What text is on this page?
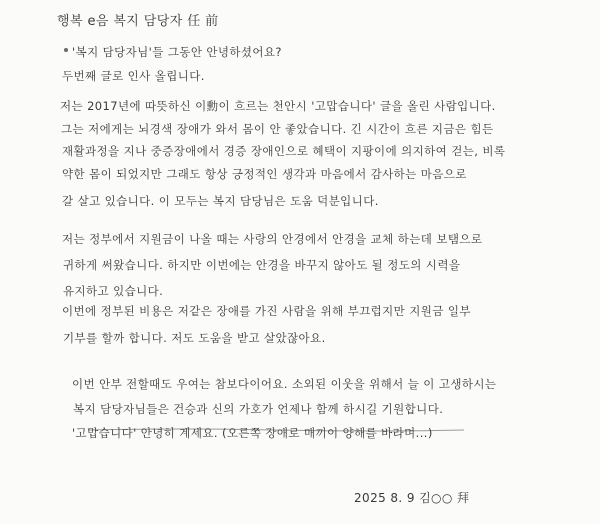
행복 e음 복지 담당자 任 前
'복지 담당자님'들 그동안 안녕하셨어요?
두번째 글로 인사 올립니다.
저는 2017년에 따뜻하신 이勳이 흐르는 천안시 '고맙습니다' 글을 올린 사람입니다.
그는 저에게는 뇌경색 장애가 와서 몸이 안 좋았습니다. 긴 시간이 흐른 지금은 힘든
재활과정을 지나 중증장애에서 경증 장애인으로 혜택이 지팡이에 의지하여 걷는, 비록
약한 몸이 되었지만 그래도 항상 긍정적인 생각과 마음에서 감사하는 마음으로
갈 살고 있습니다. 이 모두는 복지 담당님은 도움 덕분입니다.
저는 정부에서 지원금이 나올 때는 사랑의 안경에서 안경을 교체 하는데 보탬으로
귀하게 써왔습니다. 하지만 이번에는 안경을 바꾸지 않아도 될 정도의 시력을
유지하고 있습니다.
이번에 정부된 비용은 저같은 장애를 가진 사람을 위해 부끄럽지만 지원금 일부
기부를 할까 합니다. 저도 도움을 받고 살았잖아요.
이번 안부 전할때도 우여는 참보다이어요. 소외된 이웃을 위해서 늘 이 고생하시는
복지 담당자님들은 건승과 신의 가호가 언제나 함께 하시길 기원합니다.
'고맙습니다' 안녕히 계세요. (오른쪽 장애로 매끼이 양해를 바라며...)
2025 8. 9 김○○ 拜
